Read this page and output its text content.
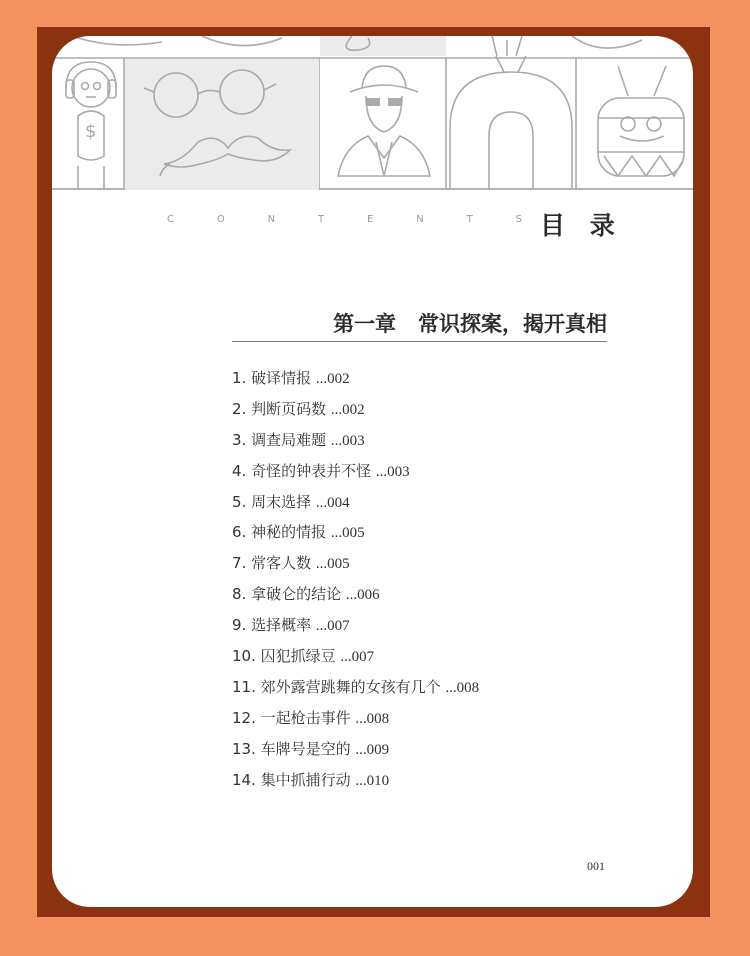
$
C	O	N	T	E	N	T	S 目 录
第一章   常识探案，揭开真相
1. 破译情报 ...002
2. 判断页码数 ...002
3. 调查局难题 ...003
4. 奇怪的钟表并不怪 ...003
5. 周末选择 ...004
6. 神秘的情报 ...005
7. 常客人数 ...005
8. 拿破仑的结论 ...006
9. 选择概率 ...007
10. 囚犯抓绿豆 ...007
11. 郊外露营跳舞的女孩有几个 ...008
12. 一起枪击事件 ...008
13. 车牌号是空的 ...009
14. 集中抓捕行动 ...010
001
